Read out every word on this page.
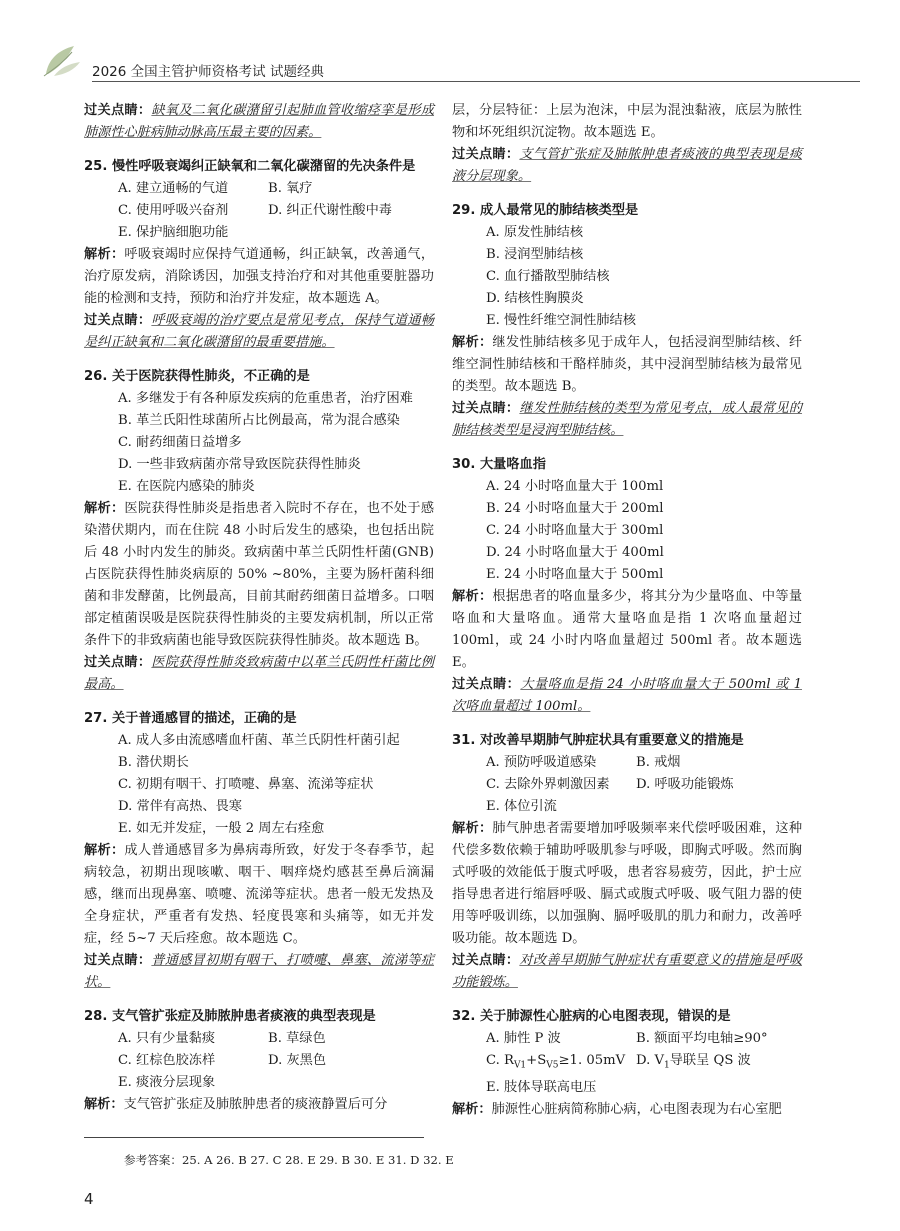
2026 全国主管护师资格考试 试题经典

过关点睛：缺氧及二氧化碳潴留引起肺血管收缩痉挛是形成肺源性心脏病肺动脉高压最主要的因素。

25. 慢性呼吸衰竭纠正缺氧和二氧化碳潴留的先决条件是

A. 建立通畅的气道	B. 氧疗
C. 使用呼吸兴奋剂	D. 纠正代谢性酸中毒
E. 保护脑细胞功能

解析：呼吸衰竭时应保持气道通畅，纠正缺氧，改善通气，治疗原发病，消除诱因，加强支持治疗和对其他重要脏器功能的检测和支持，预防和治疗并发症，故本题选 A。

过关点睛：呼吸衰竭的治疗要点是常见考点，保持气道通畅是纠正缺氧和二氧化碳潴留的最重要措施。

26. 关于医院获得性肺炎，不正确的是

A. 多继发于有各种原发疾病的危重患者，治疗困难
B. 革兰氏阳性球菌所占比例最高，常为混合感染
C. 耐药细菌日益增多
D. 一些非致病菌亦常导致医院获得性肺炎
E. 在医院内感染的肺炎

解析：医院获得性肺炎是指患者入院时不存在，也不处于感染潜伏期内，而在住院 48 小时后发生的感染，也包括出院后 48 小时内发生的肺炎。致病菌中革兰氏阴性杆菌(GNB)占医院获得性肺炎病原的 50% ~80%，主要为肠杆菌科细菌和非发酵菌，比例最高，目前其耐药细菌日益增多。口咽部定植菌误吸是医院获得性肺炎的主要发病机制，所以正常条件下的非致病菌也能导致医院获得性肺炎。故本题选 B。

过关点睛：医院获得性肺炎致病菌中以革兰氏阴性杆菌比例最高。

27. 关于普通感冒的描述，正确的是

A. 成人多由流感嗜血杆菌、革兰氏阴性杆菌引起
B. 潜伏期长
C. 初期有咽干、打喷嚏、鼻塞、流涕等症状
D. 常伴有高热、畏寒
E. 如无并发症，一般 2 周左右痊愈

解析：成人普通感冒多为鼻病毒所致，好发于冬春季节，起病较急，初期出现咳嗽、咽干、咽痒烧灼感甚至鼻后滴漏感，继而出现鼻塞、喷嚏、流涕等症状。患者一般无发热及全身症状，严重者有发热、轻度畏寒和头痛等，如无并发症，经 5~7 天后痊愈。故本题选 C。

过关点睛：普通感冒初期有咽干、打喷嚏、鼻塞、流涕等症状。

28. 支气管扩张症及肺脓肿患者痰液的典型表现是

A. 只有少量黏痰	B. 草绿色
C. 红棕色胶冻样	D. 灰黑色
E. 痰液分层现象

解析：支气管扩张症及肺脓肿患者的痰液静置后可分

层，分层特征：上层为泡沫，中层为混浊黏液，底层为脓性物和坏死组织沉淀物。故本题选 E。

过关点睛：支气管扩张症及肺脓肿患者痰液的典型表现是痰液分层现象。

29. 成人最常见的肺结核类型是

A. 原发性肺结核
B. 浸润型肺结核
C. 血行播散型肺结核
D. 结核性胸膜炎
E. 慢性纤维空洞性肺结核

解析：继发性肺结核多见于成年人，包括浸润型肺结核、纤维空洞性肺结核和干酪样肺炎，其中浸润型肺结核为最常见的类型。故本题选 B。

过关点睛：继发性肺结核的类型为常见考点，成人最常见的肺结核类型是浸润型肺结核。

30. 大量咯血指

A. 24 小时咯血量大于 100ml
B. 24 小时咯血量大于 200ml
C. 24 小时咯血量大于 300ml
D. 24 小时咯血量大于 400ml
E. 24 小时咯血量大于 500ml

解析：根据患者的咯血量多少，将其分为少量咯血、中等量咯血和大量咯血。通常大量咯血是指 1 次咯血量超过 100ml，或 24 小时内咯血量超过 500ml 者。故本题选 E。

过关点睛：大量咯血是指 24 小时咯血量大于 500ml 或 1 次咯血量超过 100ml。

31. 对改善早期肺气肿症状具有重要意义的措施是

A. 预防呼吸道感染	B. 戒烟
C. 去除外界刺激因素	D. 呼吸功能锻炼
E. 体位引流

解析：肺气肿患者需要增加呼吸频率来代偿呼吸困难，这种代偿多数依赖于辅助呼吸肌参与呼吸，即胸式呼吸。然而胸式呼吸的效能低于腹式呼吸，患者容易疲劳，因此，护士应指导患者进行缩唇呼吸、膈式或腹式呼吸、吸气阻力器的使用等呼吸训练，以加强胸、膈呼吸肌的肌力和耐力，改善呼吸功能。故本题选 D。

过关点睛：对改善早期肺气肿症状有重要意义的措施是呼吸功能锻炼。

32. 关于肺源性心脏病的心电图表现，错误的是

A. 肺性 P 波	B. 额面平均电轴≥90°
C. $R_{V1}+S_{V5}\ge 1$. 05mV D. $V_1$导联呈 QS 波
E. 肢体导联高电压

解析：肺源性心脏病简称肺心病，心电图表现为右心室肥

参考答案：25. A 26. B 27. C 28. E 29. B 30. E 31. D 32. E
4
